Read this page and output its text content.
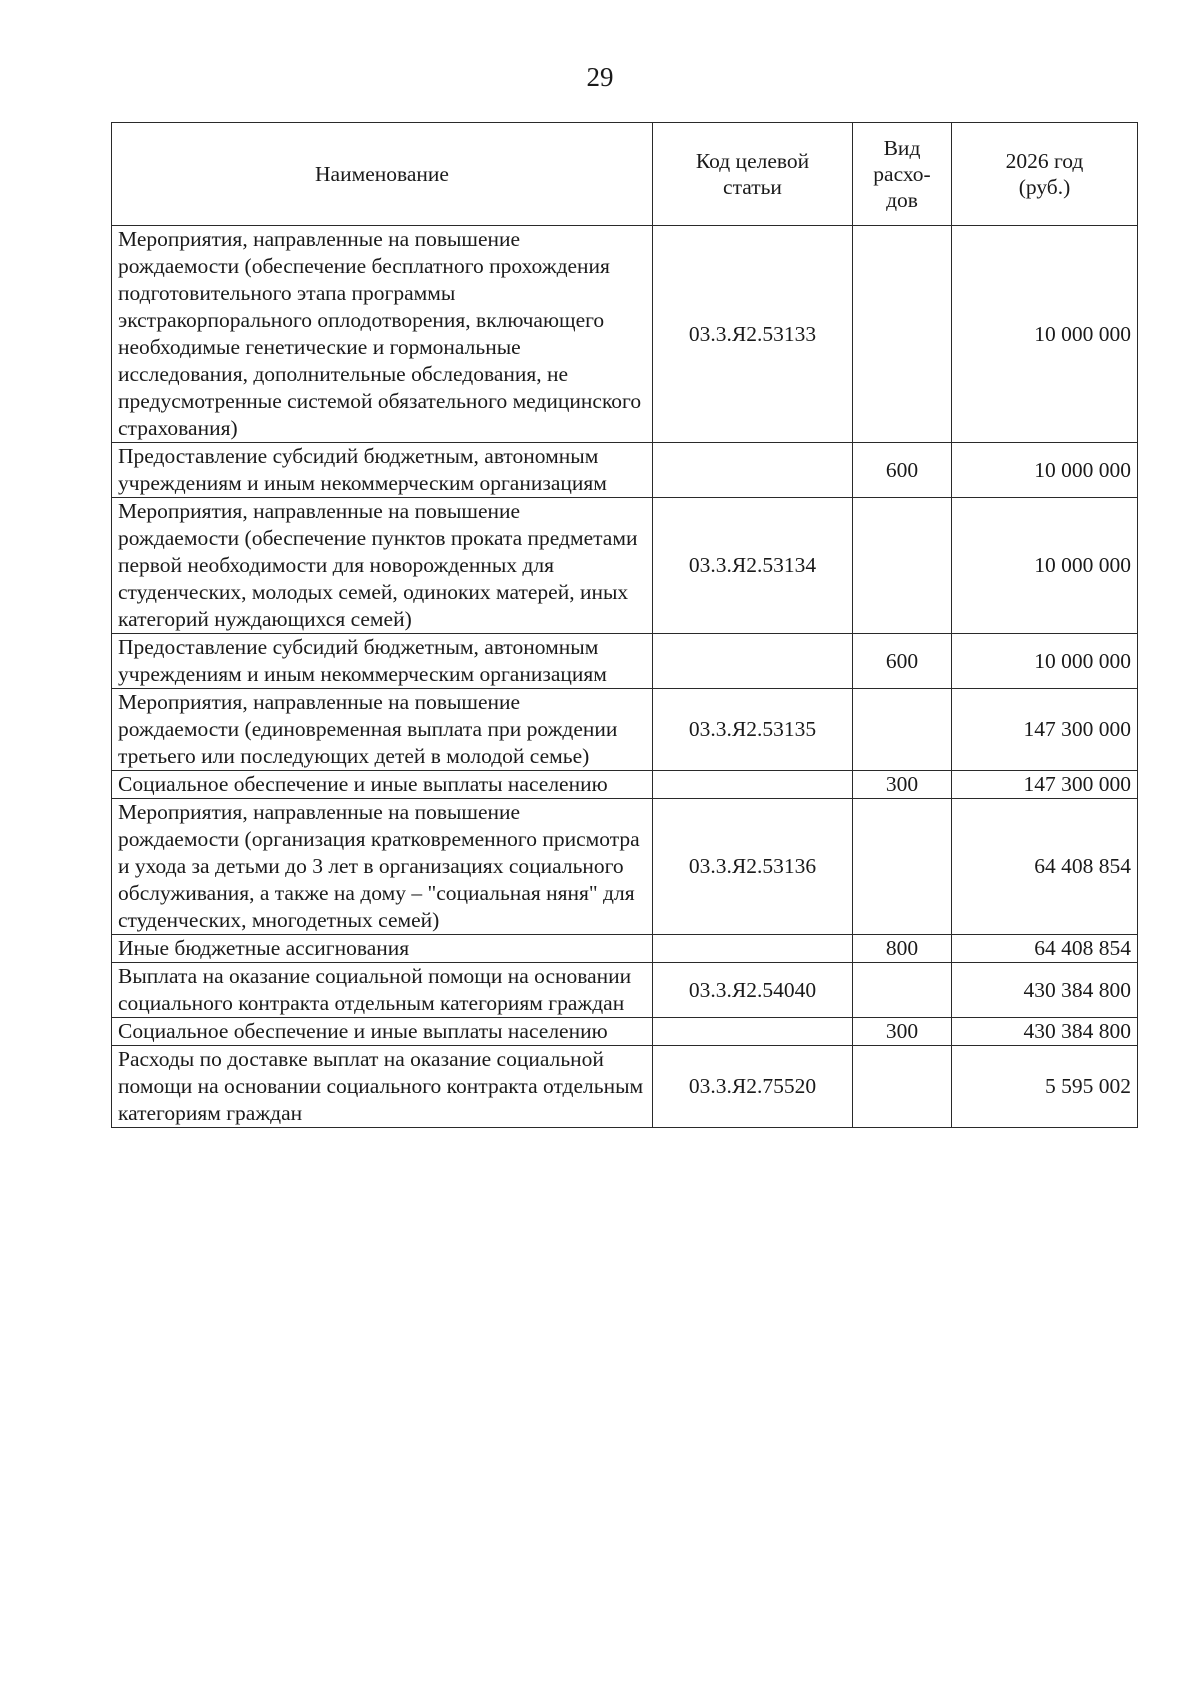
29
Наименование	Код целевой статьи	Вид расхо-дов	2026 год (руб.)

Мероприятия, направленные на повышение рождаемости (обеспечение бесплатного прохождения подготовительного этапа программы экстракорпорального оплодотворения, включающего необходимые генетические и гормональные исследования, дополнительные обследования, не предусмотренные системой обязательного медицинского страхования)	03.3.Я2.53133		10 000 000
Предоставление субсидий бюджетным, автономным учреждениям и иным некоммерческим организациям		600	10 000 000
Мероприятия, направленные на повышение рождаемости (обеспечение пунктов проката предметами первой необходимости для новорожденных для студенческих, молодых семей, одиноких матерей, иных категорий нуждающихся семей)	03.3.Я2.53134		10 000 000
Предоставление субсидий бюджетным, автономным учреждениям и иным некоммерческим организациям		600	10 000 000
Мероприятия, направленные на повышение рождаемости (единовременная выплата при рождении третьего или последующих детей в молодой семье)	03.3.Я2.53135		147 300 000
Социальное обеспечение и иные выплаты населению		300	147 300 000
Мероприятия, направленные на повышение рождаемости (организация кратковременного присмотра и ухода за детьми до 3 лет в организациях социального обслуживания, а также на дому – "социальная няня" для студенческих, многодетных семей)	03.3.Я2.53136		64 408 854
Иные бюджетные ассигнования		800	64 408 854
Выплата на оказание социальной помощи на основании социального контракта отдельным категориям граждан	03.3.Я2.54040		430 384 800
Социальное обеспечение и иные выплаты населению		300	430 384 800
Расходы по доставке выплат на оказание социальной помощи на основании социального контракта отдельным категориям граждан	03.3.Я2.75520		5 595 002
